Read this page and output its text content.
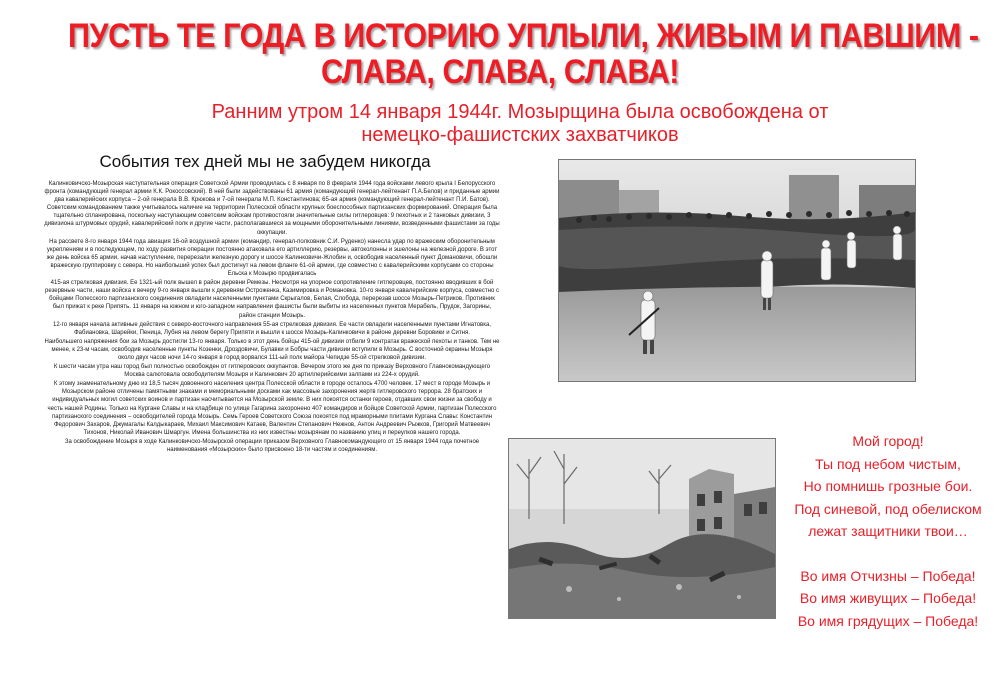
ПУСТЬ ТЕ ГОДА В ИСТОРИЮ УПЛЫЛИ, ЖИВЫМ И ПАВШИМ -
СЛАВА, СЛАВА, СЛАВА!
Ранним утром 14 января 1944г. Мозырщина была освобождена от
немецко-фашистских захватчиков
События тех дней мы не забудем никогда

Калинковичско-Мозырская наступательная операция Советской Армии проводилась с 8 января по 8 февраля 1944 года войсками левого крыла I Белорусского фронта (командующий генерал армии К.К. Рокоссовский). В ней были задействованы 61 армия (командующий генерал-лейтенант П.А.Белов) и приданные армии два кавалерийских корпуса – 2-ой генерала В.В. Крюкова и 7-ой генерала М.П. Константинова; 65-ая армия (командующий генерал-лейтенант П.И. Батов). Советским командованием также учитывалось наличие на территории Полесской области крупных боеспособных партизанских формирований. Операция была тщательно спланирована, поскольку наступающим советским войскам противостояли значительные силы гитлеровцев: 9 пехотных и 2 танковых дивизии, 3 дивизиона штурмовых орудий, кавалерийский полк и другие части, располагавшиеся за мощными оборонительными линиями, возведенными фашистами за годы оккупации.

На рассвете 8-го января 1944 года авиация 16-ой воздушной армии (командир, генерал-полковник С.И. Руденко) нанесла удар по вражеским оборонительным укреплениям и в последующем, по ходу развития операции постоянно атаковала его артиллерию, резервы, автоколонны и эшелоны на железной дороге. В этот же день войска 65 армии, начав наступление, перерезали железную дорогу и шоссе Калинковичи-Жлобин и, освободив населенный пункт Домановичи, обошли вражескую группировку с севера. Но наибольший успех был достигнут на левом фланге 61-ой армии, где совместно с кавалерийскими корпусами со стороны Ельска к Мозырю продвигалась

415-ая стрелковая дивизия. Ее 1321-ый полк вышел в район деревни Ремезы. Несмотря на упорное сопротивление гитлеровцев, постоянно вводивших в бой резервные части, наши войска к вечеру 9-го января вышли к деревням Остроженка, Казимировка и Романовка. 10-го января кавалерийские корпуса, совместно с бойцами Полесского партизанского соединения овладели населенными пунктами Скрыгалов, Белая, Слобода, перерезав шоссе Мозырь-Петриков. Противник был прижат к реке Припять. 11 января на южном и юго-западном направлении фашисты были выбиты из населенных пунктов Мерабель, Прудок, Загорины, район станции Мозырь.

12-го января начала активные действия с северо-восточного направления 55-ая стрелковая дивизия. Ее части овладели населенными пунктами Игнатовка, Фабиановка, Шарейки, Пеница, Лубня на левом берегу Припяти и вышли к шоссе Мозырь-Калинковичи в районе деревни Боровики и Ситня.

Наибольшего напряжения бои за Мозырь достигли 13-го января. Только в этот день бойцы 415-ой дивизии отбили 9 контратак вражеской пехоты и танков. Тем не менее, к 23-м часам, освободив населенные пункты Козенки, Дроздовичи, Булавки и Бобры части дивизии вступили в Мозырь. С восточной окраины Мозыря около двух часов ночи 14-го января в город ворвался 111-ый полк майора Чепидзе 55-ой стрелковой дивизии.

К шести часам утра наш город был полностью освобожден от гитлеровских оккупантов. Вечером этого же дня по приказу Верховного Главнокомандующего Москва салютовала освободителям Мозыря и Калинкович 20 артиллерийскими залпами из 224-х орудий.

К этому знаменательному дню из 18,5 тысяч довоенного населения центра Полесской области в городе осталось 4700 человек. 17 мест в городе Мозырь и Мозырском районе отличены памятными знаками и мемориальными досками как массовые захоронения жертв гитлеровского террора. 28 братских и индивидуальных могил советских воинов и партизан насчитывается на Мозырской земле. В них покоятся останки героев, отдавших свои жизни за свободу и честь нашей Родины. Только на Кургане Славы и на кладбище по улице Гагарина захоронено 407 командиров и бойцов Советской Армии, партизан Полесского партизанского соединения – освободителей города Мозырь. Семь Героев Советского Союза покоятся под мраморными плитами Кургана Славы: Константин Федорович Захаров, Джумагалы Калдыкараев, Михаил Максимович Катаев, Валентин Степанович Нежнов, Антон Андреевич Рыжков, Григорий Матвеевич Тихонов, Николай Иванович Шмаргун. Имена большинства из них известны мозырянам по названию улиц и переулков нашего города.

За освобождение Мозыря в ходе Калинковичско-Мозырской операции приказом Верховного Главнокомандующего от 15 января 1944 года почетное наименования «Мозырских» было присвоено 18-ти частям и соединениям.

Мой город!
Ты под небом чистым,
Но помнишь грозные бои.
Под синевой, под обелиском
лежат защитники твои…
Во имя Отчизны – Победа!
Во имя живущих – Победа!
Во имя грядущих – Победа!
